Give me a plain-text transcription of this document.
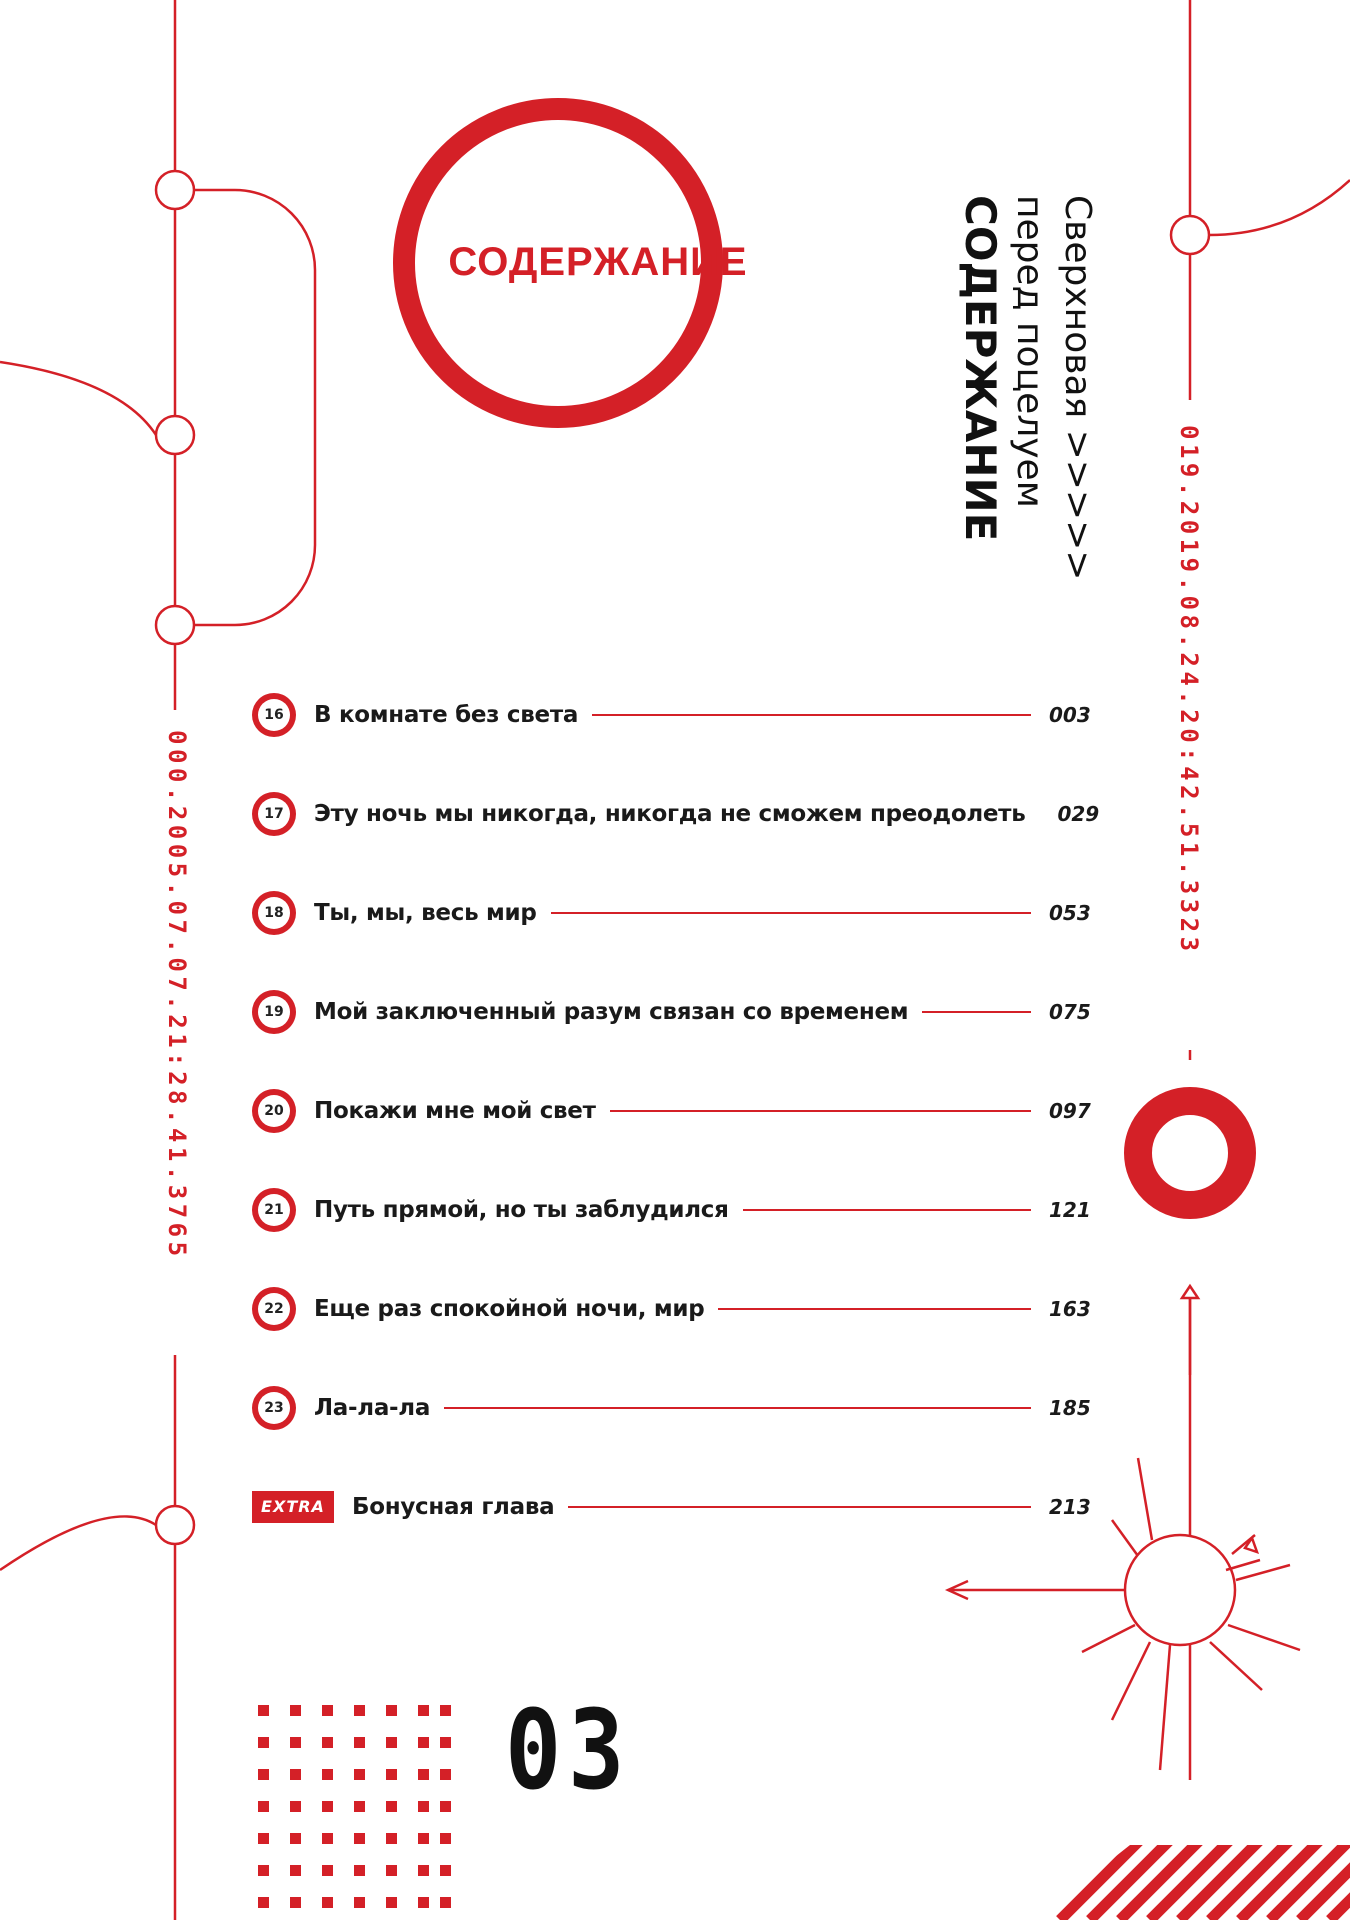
СОДЕРЖАНИЕ	Сверхновая >>>>>
перед поцелуем
СОДЕРЖАНИЕ
000.2005.07.07.21:28.41.3765
019.2019.08.24.20:42.51.3323
16 В комнате без света	003
17 Эту ночь мы никогда, никогда не сможем преодолеть 029
18 Ты, мы, весь мир	053
19 Мой заключенный разум связан со временем	075
20 Покажи мне мой свет	097
21 Путь прямой, но ты заблудился	121
22 Еще раз спокойной ночи, мир	163
23 Ла-ла-ла	185
EXTRA	Бонусная глава	213
03
